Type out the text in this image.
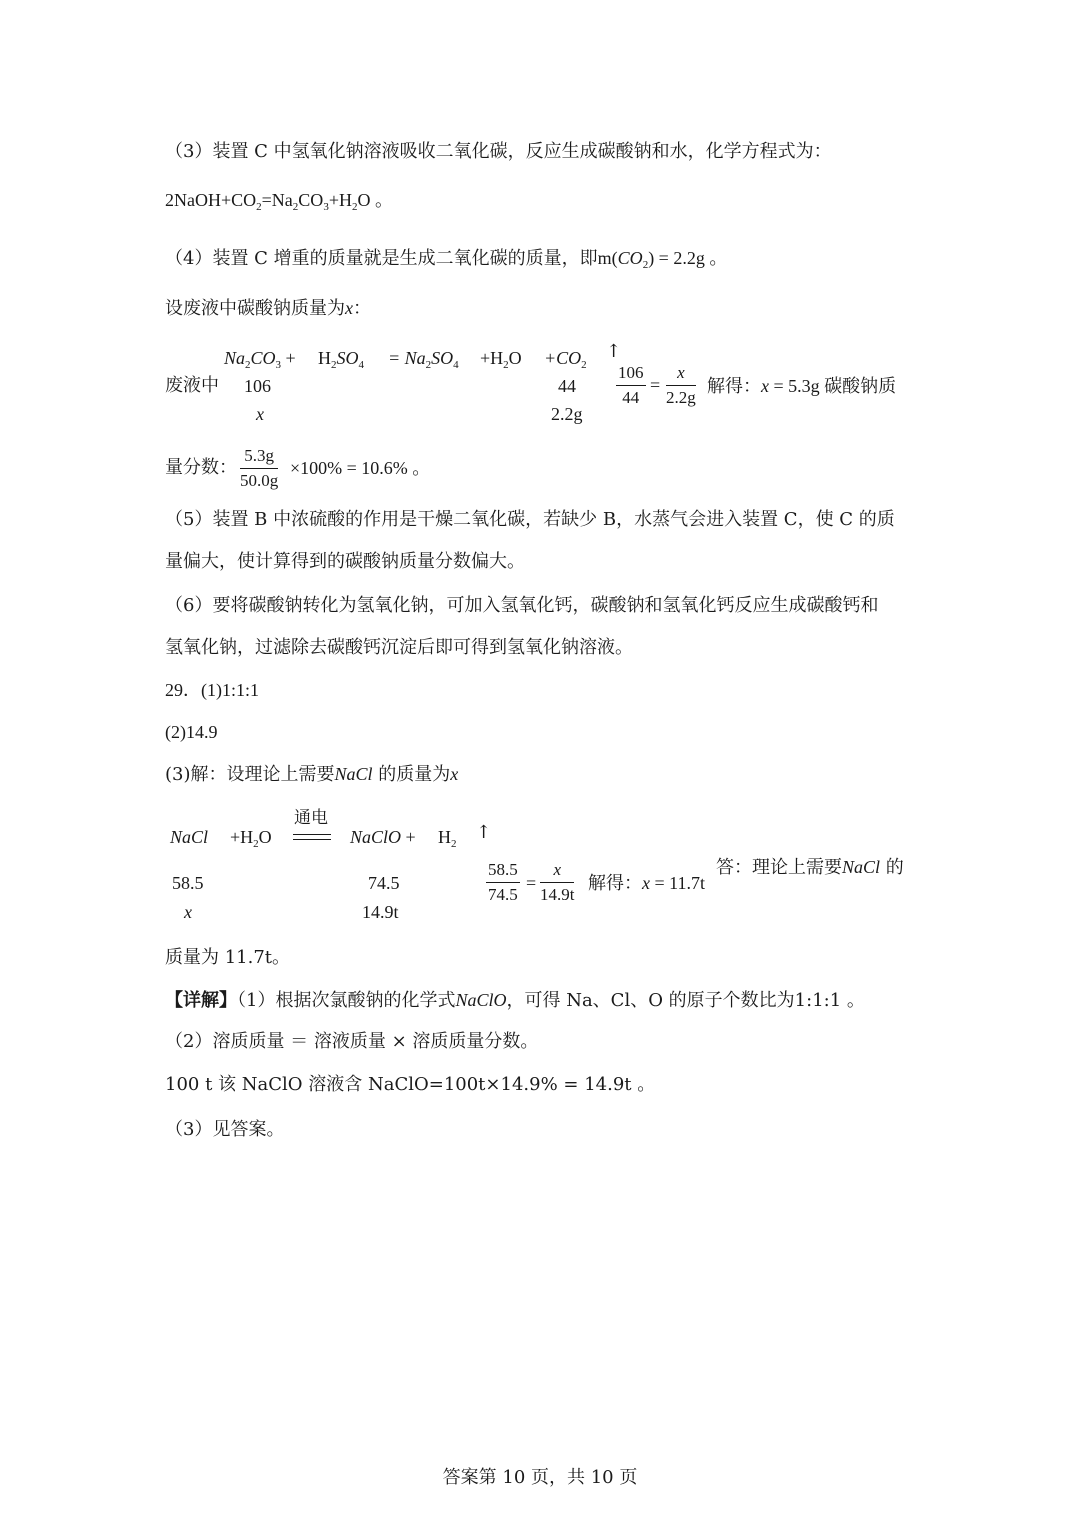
（3）装置 C 中氢氧化钠溶液吸收二氧化碳，反应生成碳酸钠和水，化学方程式为：
$2NaOH+CO_2=Na_2CO_3+H_2O$ 。
（4）装置 C 增重的质量就是生成二氧化碳的质量，即$m(CO_2) = 2.2g$ 。
设废液中碳酸钠质量为x：
$Na_2CO_3 + H_2SO_4 = Na_2SO_4 +H_2O +CO_2$
↑
废液中 106
x
44
2.2g
$\frac{106}{44} = \frac{x}{2.2g}$ 解得：x = 5.3g 碳酸钠质
量分数： $\frac{5.3g}{50.0g} \times 100\% = 10.6\%$ 。
（5）装置 B 中浓硫酸的作用是干燥二氧化碳，若缺少 B，水蒸气会进入装置 C，使 C 的质
量偏大，使计算得到的碳酸钠质量分数偏大。
（6）要将碳酸钠转化为氢氧化钠，可加入氢氧化钙，碳酸钠和氢氧化钙反应生成碳酸钙和
氢氧化钠，过滤除去碳酸钙沉淀后即可得到氢氧化钠溶液。
29．(1)1:1:1
(2)14.9
(3)解：设理论上需要NaCl 的质量为x
NaCl $+H_2O$
通电
NaClO + $H_2$
↑
58.5
x
74.5
14.9t
$\frac{58.5}{74.5} = \frac{x}{14.9t}$ 解得：x = 11.7t
答：理论上需要NaCl 的
质量为 11.7t。
【详解】（1）根据次氯酸钠的化学式NaClO，可得 Na、Cl、O 的原子个数比为1:1:1 。
（2）溶质质量 ＝ 溶液质量 × 溶质质量分数。
100 t 该 NaClO 溶液含 NaClO=100t×14.9% = 14.9t 。
（3）见答案。
答案第 10 页，共 10 页
